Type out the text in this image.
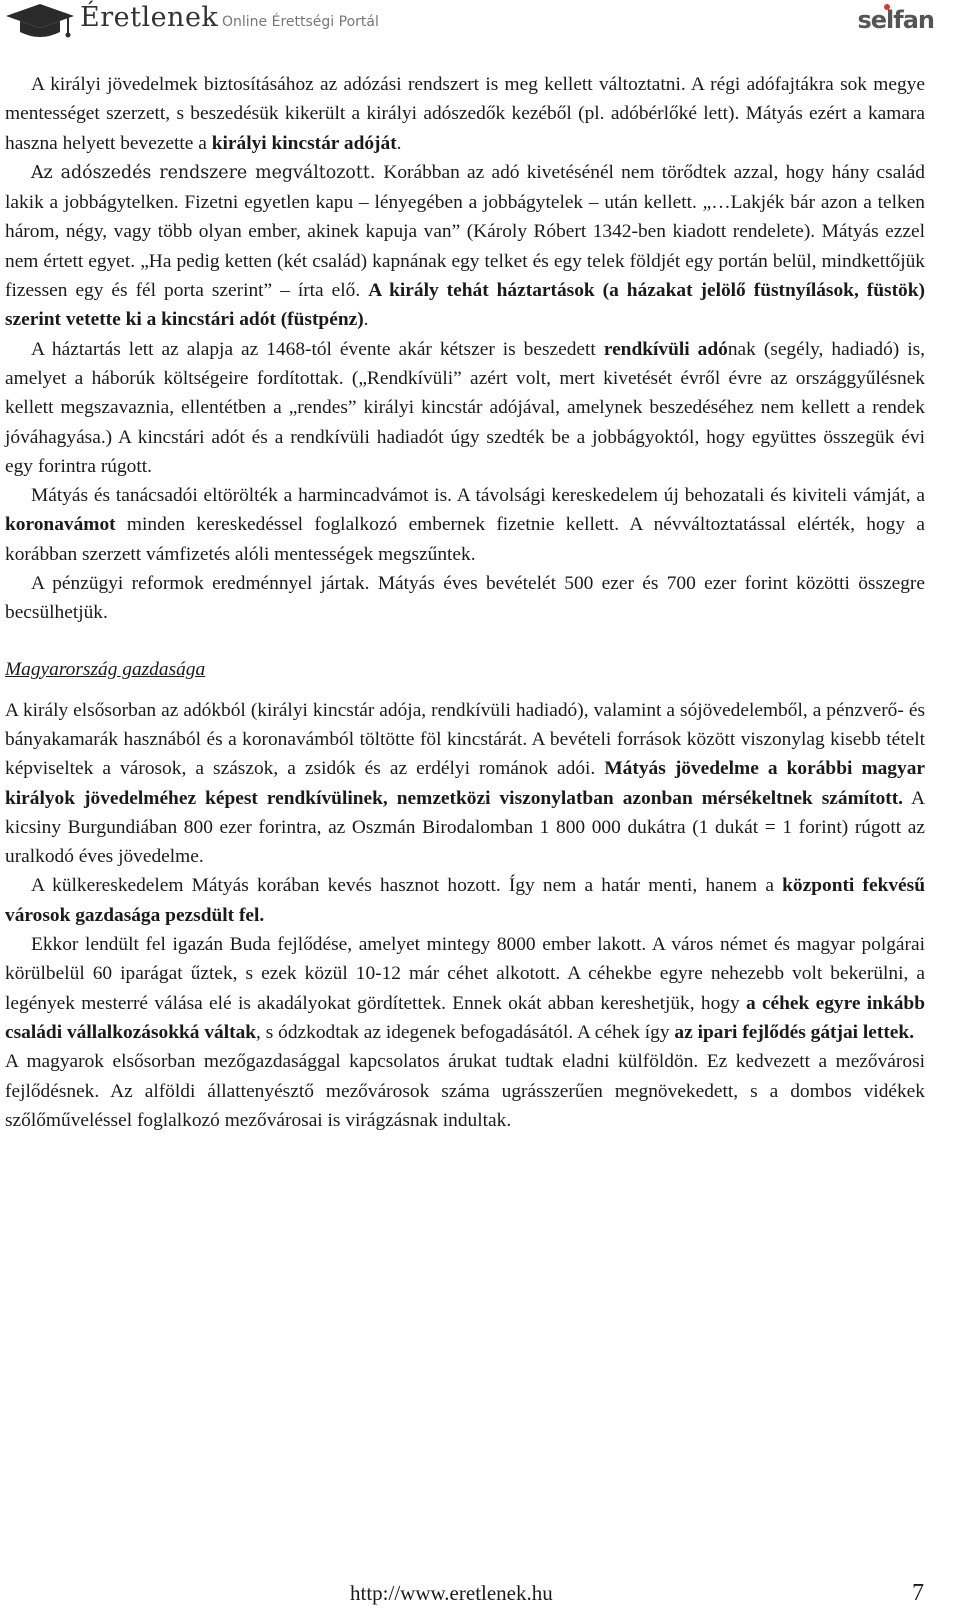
Éretlenek Online Érettségi Portál	selfan

A királyi jövedelmek biztosításához az adózási rendszert is meg kellett változtatni. A régi adófajtákra sok megye mentességet szerzett, s beszedésük kikerült a királyi adószedők kezéből (pl. adóbérlőké lett). Mátyás ezért a kamara haszna helyett bevezette a királyi kincstár adóját.

Az adószedés rendszere megváltozott. Korábban az adó kivetésénél nem törődtek azzal, hogy hány család lakik a jobbágytelken. Fizetni egyetlen kapu – lényegében a jobbágytelek – után kellett. „…Lakjék bár azon a telken három, négy, vagy több olyan ember, akinek kapuja van” (Károly Róbert 1342-ben kiadott rendelete). Mátyás ezzel nem értett egyet. „Ha pedig ketten (két család) kapnának egy telket és egy telek földjét egy portán belül, mindkettőjük fizessen egy és fél porta szerint” – írta elő. A király tehát háztartások (a házakat jelölő füstnyílások, füstök) szerint vetette ki a kincstári adót (füstpénz).

A háztartás lett az alapja az 1468-tól évente akár kétszer is beszedett rendkívüli adónak (segély, hadiadó) is, amelyet a háborúk költségeire fordítottak. („Rendkívüli” azért volt, mert kivetését évről évre az országgyűlésnek kellett megszavaznia, ellentétben a „rendes” királyi kincstár adójával, amelynek beszedéséhez nem kellett a rendek jóváhagyása.) A kincstári adót és a rendkívüli hadiadót úgy szedték be a jobbágyoktól, hogy együttes összegük évi egy forintra rúgott.

Mátyás és tanácsadói eltörölték a harmincadvámot is. A távolsági kereskedelem új behozatali és kiviteli vámját, a koronavámot minden kereskedéssel foglalkozó embernek fizetnie kellett. A névváltoztatással elérték, hogy a korábban szerzett vámfizetés alóli mentességek megszűntek.

A pénzügyi reformok eredménnyel jártak. Mátyás éves bevételét 500 ezer és 700 ezer forint közötti összegre becsülhetjük.

Magyarország gazdasága

A király elsősorban az adókból (királyi kincstár adója, rendkívüli hadiadó), valamint a sójövedelemből, a pénzverő- és bányakamarák hasznából és a koronavámból töltötte föl kincstárát. A bevételi források között viszonylag kisebb tételt képviseltek a városok, a szászok, a zsidók és az erdélyi románok adói. Mátyás jövedelme a korábbi magyar királyok jövedelméhez képest rendkívülinek, nemzetközi viszonylatban azonban mérsékeltnek számított. A kicsiny Burgundiában 800 ezer forintra, az Oszmán Birodalomban 1 800 000 dukátra (1 dukát = 1 forint) rúgott az uralkodó éves jövedelme.

A külkereskedelem Mátyás korában kevés hasznot hozott. Így nem a határ menti, hanem a központi fekvésű városok gazdasága pezsdült fel.

Ekkor lendült fel igazán Buda fejlődése, amelyet mintegy 8000 ember lakott. A város német és magyar polgárai körülbelül 60 iparágat űztek, s ezek közül 10-12 már céhet alkotott. A céhekbe egyre nehezebb volt bekerülni, a legények mesterré válása elé is akadályokat gördítettek. Ennek okát abban kereshetjük, hogy a céhek egyre inkább családi vállalkozásokká váltak, s ódzkodtak az idegenek befogadásától. A céhek így az ipari fejlődés gátjai lettek.

A magyarok elsősorban mezőgazdasággal kapcsolatos árukat tudtak eladni külföldön. Ez kedvezett a mezővárosi fejlődésnek. Az alföldi állattenyésztő mezővárosok száma ugrásszerűen megnövekedett, s a dombos vidékek szőlőművеléssel foglalkozó mezővárosai is virágzásnak indultak.

http://www.eretlenek.hu	7
